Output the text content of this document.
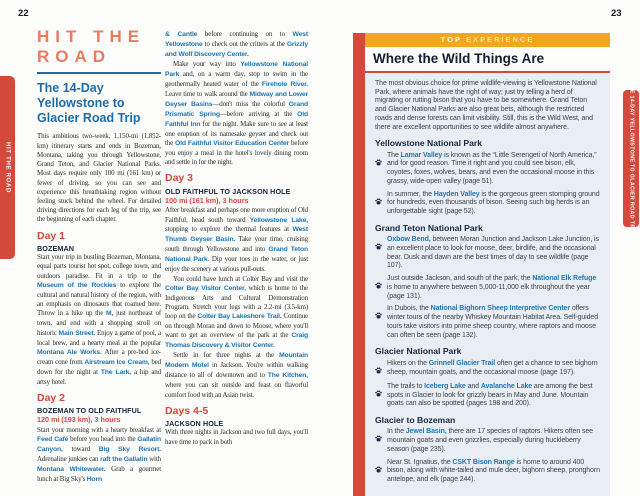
22	23
HIT THE ROAD	THE 14-DAY YELLOWSTONE TO GLACIER ROAD TRIP
HIT THE
ROAD
The 14-Day Yellowstone to Glacier Road Trip

This ambitious two-week, 1,150-mi (1,852-km) itinerary starts and ends in Bozeman, Montana, taking you through Yellowstone, Grand Teton, and Glacier National Parks. Most days require only 100 mi (161 km) or fewer of driving, so you can see and experience this breathtaking region without feeling stuck behind the wheel. For detailed driving directions for each leg of the trip, see the beginning of each chapter.

Day 1
BOZEMAN

Start your trip in bustling Bozeman, Montana, equal parts tourist hot spot, college town, and outdoors paradise. Fit in a trip to the Museum of the Rockies to explore the cultural and natural history of the region, with an emphasis on dinosaurs that roamed here. Throw in a hike up the M, just northeast of town, and end with a shopping stroll on historic Main Street. Enjoy a game of pool, a local brew, and a hearty meal at the popular Montana Ale Works. After a pre-bed ice-cream cone from Airstream Ice Cream, bed down for the night at The Lark, a hip and artsy hotel.

Day 2
BOZEMAN TO OLD FAITHFUL
120 mi (193 km), 3 hours

Start your morning with a hearty breakfast at Feed Café before you head into the Gallatin Canyon, toward Big Sky Resort. Adrenaline junkies can raft the Gallatin with Montana Whitewater. Grab a gourmet lunch at Big Sky's Horn

& Cantle before continuing on to West Yellowstone to check out the critters at the Grizzly and Wolf Discovery Center.

Make your way into Yellowstone National Park and, on a warm day, stop to swim in the geothermally heated water of the Firehole River. Leave time to walk around the Midway and Lower Geyser Basins—don't miss the colorful Grand Prismatic Spring—before arriving at the Old Faithful Inn for the night. Make sure to see at least one eruption of its namesake geyser and check out the Old Faithful Visitor Education Center before you enjoy a meal in the hotel's lovely dining room and settle in for the night.

Day 3
OLD FAITHFUL TO JACKSON HOLE
100 mi (161 km), 3 hours

After breakfast and perhaps one more eruption of Old Faithful, head south toward Yellowstone Lake, stopping to explore the thermal features at West Thumb Geyser Basin. Take your time, cruising south through Yellowstone and into Grand Teton National Park. Dip your toes in the water, or just enjoy the scenery at various pull-outs.

You could have lunch at Colter Bay and visit the Colter Bay Visitor Center, which is home to the Indigenous Arts and Cultural Demonstration Program. Stretch your legs with a 2.2-mi (3.5-km) loop on the Colter Bay Lakeshore Trail. Continue on through Moran and down to Moose, where you'll want to get an overview of the park at the Craig Thomas Discovery & Visitor Center.

Settle in for three nights at the Mountain Modern Motel in Jackson. You're within walking distance to all of downtown and to The Kitchen, where you can sit outside and feast on flavorful comfort food with an Asian twist.

Days 4-5
JACKSON HOLE

With three nights in Jackson and two full days, you'll have time to pack in both

TOP EXPERIENCE
Where the Wild Things Are

The most obvious choice for prime wildlife-viewing is Yellowstone National Park, where animals have the right of way; just try telling a herd of migrating or rutting bison that you have to be somewhere. Grand Teton and Glacier National Parks are also great bets, although the restricted roads and dense forests can limit visibility. Still, this is the Wild West, and there are excellent opportunities to see wildlife almost anywhere.

Yellowstone National Park

The Lamar Valley is known as the “Little Serengeti of North America,” and for good reason. Time it right and you could see bison, elk, coyotes, foxes, wolves, bears, and even the occasional moose in this grassy, wide-open valley (page 51).

In summer, the Hayden Valley is the gorgeous green stomping ground for hundreds, even thousands of bison. Seeing such big herds is an unforgettable sight (page 52).

Grand Teton National Park

Oxbow Bend, between Moran Junction and Jackson Lake Junction, is an excellent place to look for moose, deer, birdlife, and the occasional bear. Dusk and dawn are the best times of day to see wildlife (page 107).

Just outside Jackson, and south of the park, the National Elk Refuge is home to anywhere between 5,000-11,000 elk throughout the year (page 131).

In Dubois, the National Bighorn Sheep Interpretive Center offers winter tours of the nearby Whiskey Mountain Habitat Area. Self-guided tours take visitors into prime sheep country, where raptors and moose can often be seen (page 132).

Glacier National Park

Hikers on the Grinnell Glacier Trail often get a chance to see bighorn sheep, mountain goats, and the occasional moose (page 197).

The trails to Iceberg Lake and Avalanche Lake are among the best spots in Glacier to look for grizzly bears in May and June. Mountain goats can also be spotted (pages 198 and 200).

Glacier to Bozeman

In the Jewel Basin, there are 17 species of raptors. Hikers often see mountain goats and even grizzlies, especially during huckleberry season (page 235).

Near St. Ignatius, the CSKT Bison Range is home to around 400 bison, along with white-tailed and mule deer, bighorn sheep, pronghorn antelope, and elk (page 244).
